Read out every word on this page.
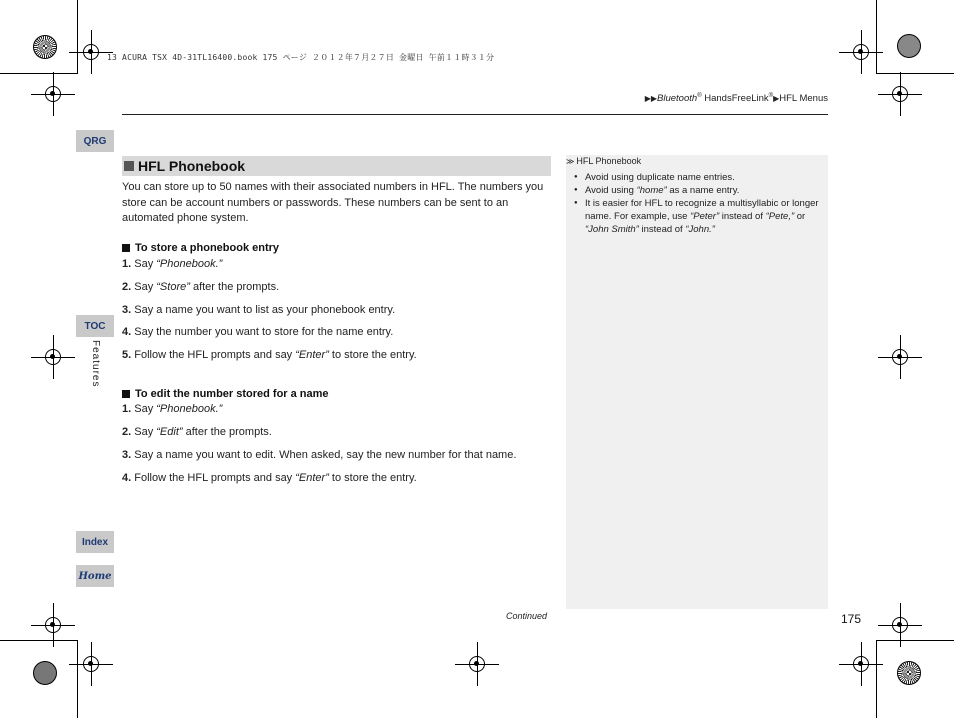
13 ACURA TSX 4D-31TL16400.book 175 ページ ２０１２年７月２７日 金曜日 午前１１時３１分
▶▶Bluetooth® HandsFreeLink®▶HFL Menus
QRG
TOC
Features
Index
Home
HFL Phonebook
You can store up to 50 names with their associated numbers in HFL. The numbers you store can be account numbers or passwords. These numbers can be sent to an automated phone system.
To store a phonebook entry
1. Say “Phonebook.”
2. Say “Store” after the prompts.
3. Say a name you want to list as your phonebook entry.
4. Say the number you want to store for the name entry.
5. Follow the HFL prompts and say “Enter” to store the entry.
To edit the number stored for a name
1. Say “Phonebook.”
2. Say “Edit” after the prompts.
3. Say a name you want to edit. When asked, say the new number for that name.
4. Follow the HFL prompts and say “Enter” to store the entry.
≫ HFL Phonebook
● Avoid using duplicate name entries.
● Avoid using “home” as a name entry.
● It is easier for HFL to recognize a multisyllabic or longer name. For example, use “Peter” instead of “Pete,” or “John Smith” instead of “John.”
Continued	175
